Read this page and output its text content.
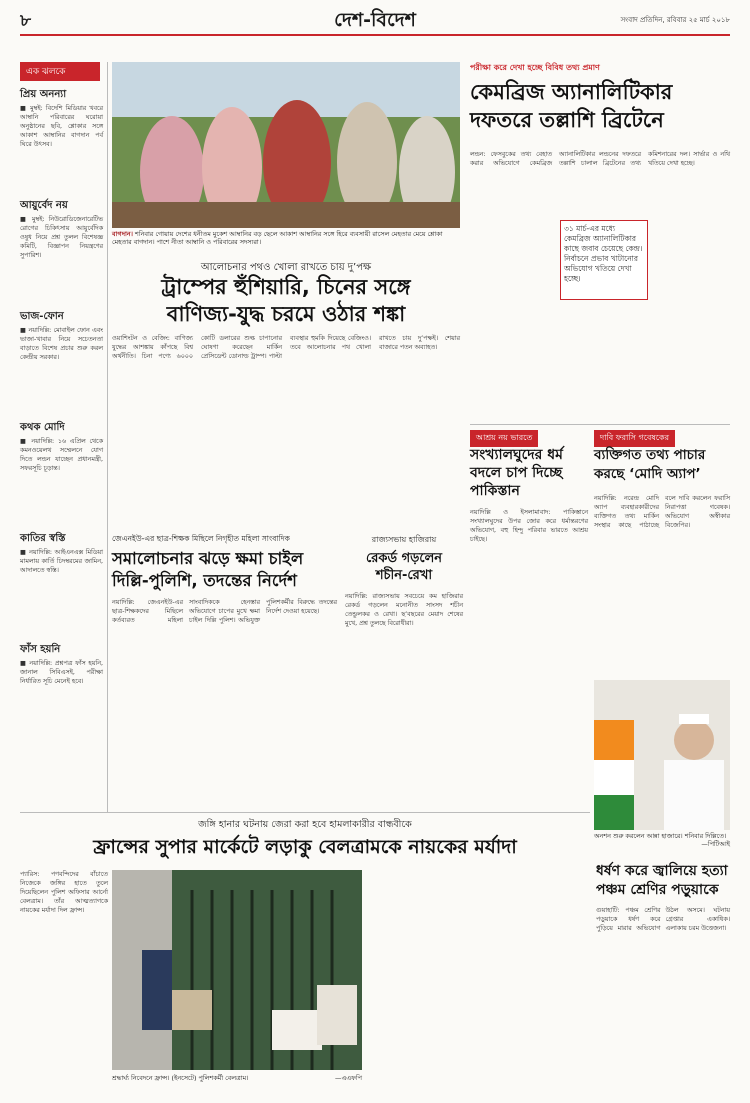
৮	দেশ-বিদেশ	সংবাদ প্রতিদিন, রবিবার ২৫ মার্চ ২০১৮
এক ঝলকে
প্রিয় অনন্যা
■ মুম্বই: বিদেশি মিডিয়ার খবরে আম্বানি পরিবারের ঘরোয়া অনুষ্ঠানের ছবি, শ্লোকার সঙ্গে আকাশ আম্বানির বাগদান পর্ব ঘিরে উৎসব।
আয়ুর্বেদ নয়
■ মুম্বই: নিউরোডিজেনারেটিভ রোগের চিকিৎসায় আয়ুর্বেদিক ওষুধ নিয়ে প্রশ্ন তুলল বিশেষজ্ঞ কমিটি, বিজ্ঞাপন নিয়ন্ত্রণের সুপারিশ।
ভাজ-ফোন
■ নয়াদিল্লি: মোবাইল ফোন এবং ভাজা-খাবার নিয়ে সচেতনতা বাড়াতে বিশেষ প্রচার শুরু করল কেন্দ্রীয় সরকার।
কথক মোদি
■ নয়াদিল্লি: ১৬ এপ্রিল থেকে কমনওয়েলথ সম্মেলনে যোগ দিতে লন্ডন যাচ্ছেন প্রধানমন্ত্রী, সফরসূচি চূড়ান্ত।
কাতির স্বস্তি
■ নয়াদিল্লি: আইএনএক্স মিডিয়া মামলায় কার্তি চিদম্বরমের জামিন, আদালতে স্বস্তি।
ফাঁস হয়নি
■ নয়াদিল্লি: প্রশ্নপত্র ফাঁস হয়নি, জানাল সিবিএসই, পরীক্ষা নির্ধারিত সূচি মেনেই হবে।
বাগদান। শনিবার গোয়ায় দেশের ধনীতম মুকেশ আম্বানির বড় ছেলে আকাশ আম্বানির সঙ্গে হিরে ব্যবসায়ী রাসেল মেহতার মেয়ে শ্লোকা মেহতার বাগদান। পাশে নীতা আম্বানি ও পরিবারের সদস্যরা।
আলোচনার পথও খোলা রাখতে চায় দু’পক্ষ
ট্রাম্পের হুঁশিয়ারি, চিনের সঙ্গে
বাণিজ্য-যুদ্ধ চরমে ওঠার শঙ্কা

ওয়াশিংটন ও বেজিং: বাণিজ্য যুদ্ধের আশঙ্কায় কাঁপছে বিশ্ব অর্থনীতি। চিনা পণ্যে ৬০০০ কোটি ডলারের শুল্ক চাপানোর ঘোষণা করেছেন মার্কিন প্রেসিডেন্ট ডোনাল্ড ট্রাম্প। পাল্টা ব্যবস্থার হুমকি দিয়েছে বেজিংও। তবে আলোচনার পথ খোলা রাখতে চায় দু’পক্ষই। শেয়ার বাজারে পতন অব্যাহত।

পরীক্ষা করে দেখা হচ্ছে বিবিধ তথ্য প্রমাণ
কেমব্রিজ অ্যানালিটিকার
দফতরে তল্লাশি ব্রিটেনে

লন্ডন: ফেসবুকের তথ্য বেহাত করার অভিযোগে কেমব্রিজ অ্যানালিটিকার লন্ডনের দফতরে তল্লাশি চালাল ব্রিটেনের তথ্য কমিশনারের দল। সার্ভার ও নথি খতিয়ে দেখা হচ্ছে।

৩১ মার্চ-এর মধ্যে কেমব্রিজ অ্যানালিটিকার কাছে জবাব চেয়েছে কেন্দ্র। নির্বাচনে প্রভাব খাটানোর অভিযোগ খতিয়ে দেখা হচ্ছে।
আশ্রয় নয় ভারতে
সংখ্যালঘুদের ধর্ম বদলে চাপ দিচ্ছে পাকিস্তান

নয়াদিল্লি ও ইসলামাবাদ: পাকিস্তানে সংখ্যালঘুদের উপর জোর করে ধর্মান্তরণের অভিযোগ, বহু হিন্দু পরিবার ভারতে আশ্রয় চাইছে।

দাবি ফরাসি গবেষকের
ব্যক্তিগত তথ্য পাচার
করছে ‘মোদি অ্যাপ’

নয়াদিল্লি: নরেন্দ্র মোদি অ্যাপ ব্যবহারকারীদের ব্যক্তিগত তথ্য মার্কিন সংস্থার কাছে পাঠাচ্ছে বলে দাবি করলেন ফরাসি নিরাপত্তা গবেষক। অভিযোগ অস্বীকার বিজেপির।

অনশন শুরু করলেন আন্না হাজারে। শনিবার দিল্লিতে।
—পিটিআই
জেএনইউ-এর ছাত্র-শিক্ষক মিছিলে নিগৃহীত মহিলা সাংবাদিক
সমালোচনার ঝড়ে ক্ষমা চাইল
দিল্লি-পুলিশি, তদন্তের নির্দেশ

নয়াদিল্লি: জেএনইউ-এর ছাত্র-শিক্ষকদের মিছিলে কর্তব্যরত মহিলা সাংবাদিককে হেনস্তার অভিযোগে চাপের মুখে ক্ষমা চাইল দিল্লি পুলিশ। অভিযুক্ত পুলিশকর্মীর বিরুদ্ধে তদন্তের নির্দেশ দেওয়া হয়েছে।

রাজ্যসভায় হাজিরায়
রেকর্ড গড়লেন
শচীন-রেখা

নয়াদিল্লি: রাজ্যসভায় সবচেয়ে কম হাজিরার রেকর্ড গড়লেন মনোনীত সাংসদ শচীন তেন্ডুলকর ও রেখা। ছ’বছরের মেয়াদ শেষের মুখে, প্রশ্ন তুলছে বিরোধীরা।

জঙ্গি হানার ঘটনায় জেরা করা হবে হামলাকারীর বান্ধবীকে
ফ্রান্সের সুপার মার্কেটে লড়াকু বেলত্রামকে নায়কের মর্যাদা

প্যারিস: পণবন্দিদের বাঁচাতে নিজেকে জঙ্গির হাতে তুলে দিয়েছিলেন পুলিশ অফিসার আর্নো বেলত্রাম। তাঁর আত্মত্যাগকে নায়কের মর্যাদা দিল ফ্রান্স।

শ্রদ্ধার্ঘ্য নিবেদনে ফ্রান্স। (ইনসেটে) পুলিশকর্মী বেলত্রাম।	—এএফপি
ধর্ষণ করে জ্বালিয়ে হত্যা
পঞ্চম শ্রেণির পড়ুয়াকে

গুয়াহাটি: পঞ্চম শ্রেণির পড়ুয়াকে ধর্ষণ করে পুড়িয়ে মারার অভিযোগ উঠল অসমে। ঘটনায় গ্রেপ্তার একাধিক। এলাকায় চরম উত্তেজনা।
